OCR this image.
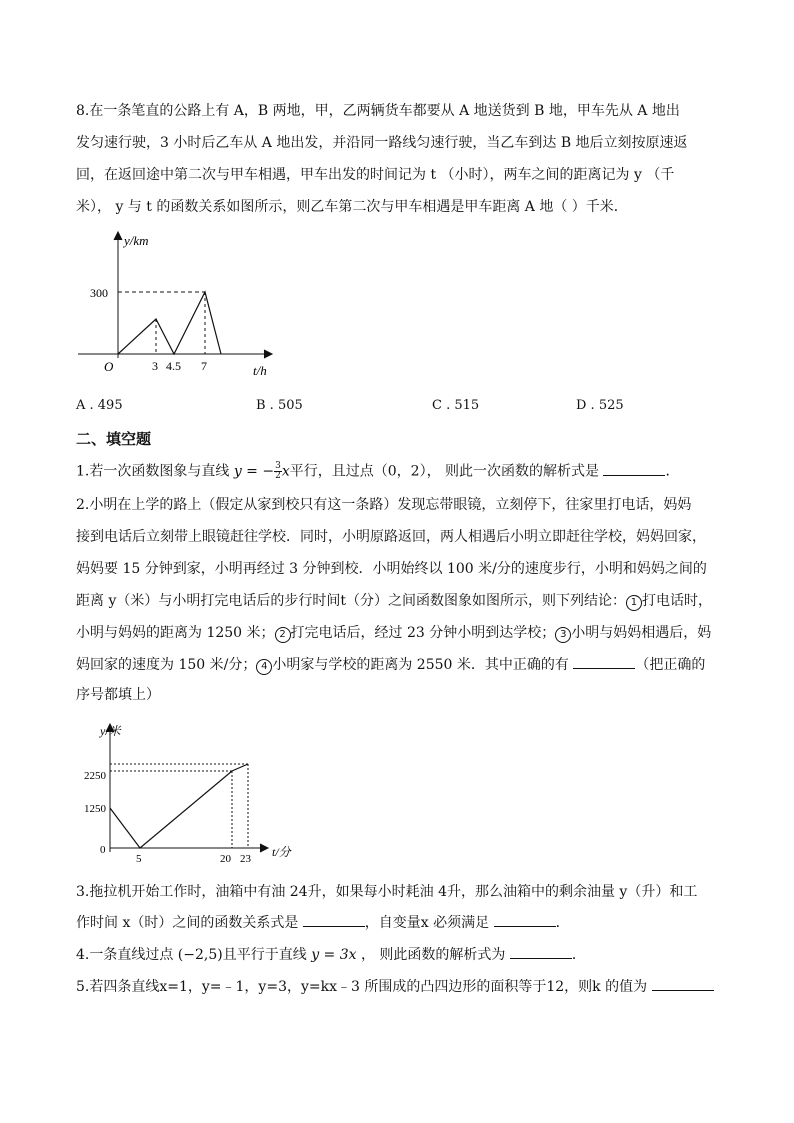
8.在一条笔直的公路上有 A，B 两地，甲，乙两辆货车都要从 A 地送货到 B 地，甲车先从 A 地出
发匀速行驶，3 小时后乙车从 A 地出发，并沿同一路线匀速行驶，当乙车到达 B 地后立刻按原速返
回，在返回途中第二次与甲车相遇，甲车出发的时间记为 t （小时），两车之间的距离记为 y （千
米）， y 与 t 的函数关系如图所示，则乙车第二次与甲车相遇是甲车距离 A 地（ ）千米．
y/km
t/h
O
300
3 4.5 7
A . 495	B . 505	C . 515	D . 525
二、填空题
1.若一次函数图象与直线 y = − $\frac{3}{2}$ x平行，且过点（0，2）， 则此一次函数的解析式是	．
2.小明在上学的路上（假定从家到校只有这一条路）发现忘带眼镜，立刻停下，往家里打电话，妈妈
接到电话后立刻带上眼镜赶往学校．同时，小明原路返回，两人相遇后小明立即赶往学校，妈妈回家，
妈妈要 15 分钟到家，小明再经过 3 分钟到校．小明始终以 100 米/分的速度步行，小明和妈妈之间的
距离 y（米）与小明打完电话后的步行时间t（分）之间函数图象如图所示，则下列结论： 1 打电话时，
小明与妈妈的距离为 1250 米； 2 打完电话后，经过 23 分钟小明到达学校； 3 小明与妈妈相遇后，妈
妈回家的速度为 150 米/分； 4 小明家与学校的距离为 2550 米．其中正确的有	（把正确的
序号都填上）
y/米
t/分
2250
1250
0
5	20 23
3.拖拉机开始工作时，油箱中有油 24升，如果每小时耗油 4升，那么油箱中的剩余油量 y（升）和工
作时间 x（时）之间的函数关系式是	，自变量x 必须满足	．
4.一条直线过点 (−2,5)且平行于直线 y = 3x ， 则此函数的解析式为	．
5.若四条直线x=1，y=﹣1，y=3，y=kx﹣3 所围成的凸四边形的面积等于12，则k 的值为
